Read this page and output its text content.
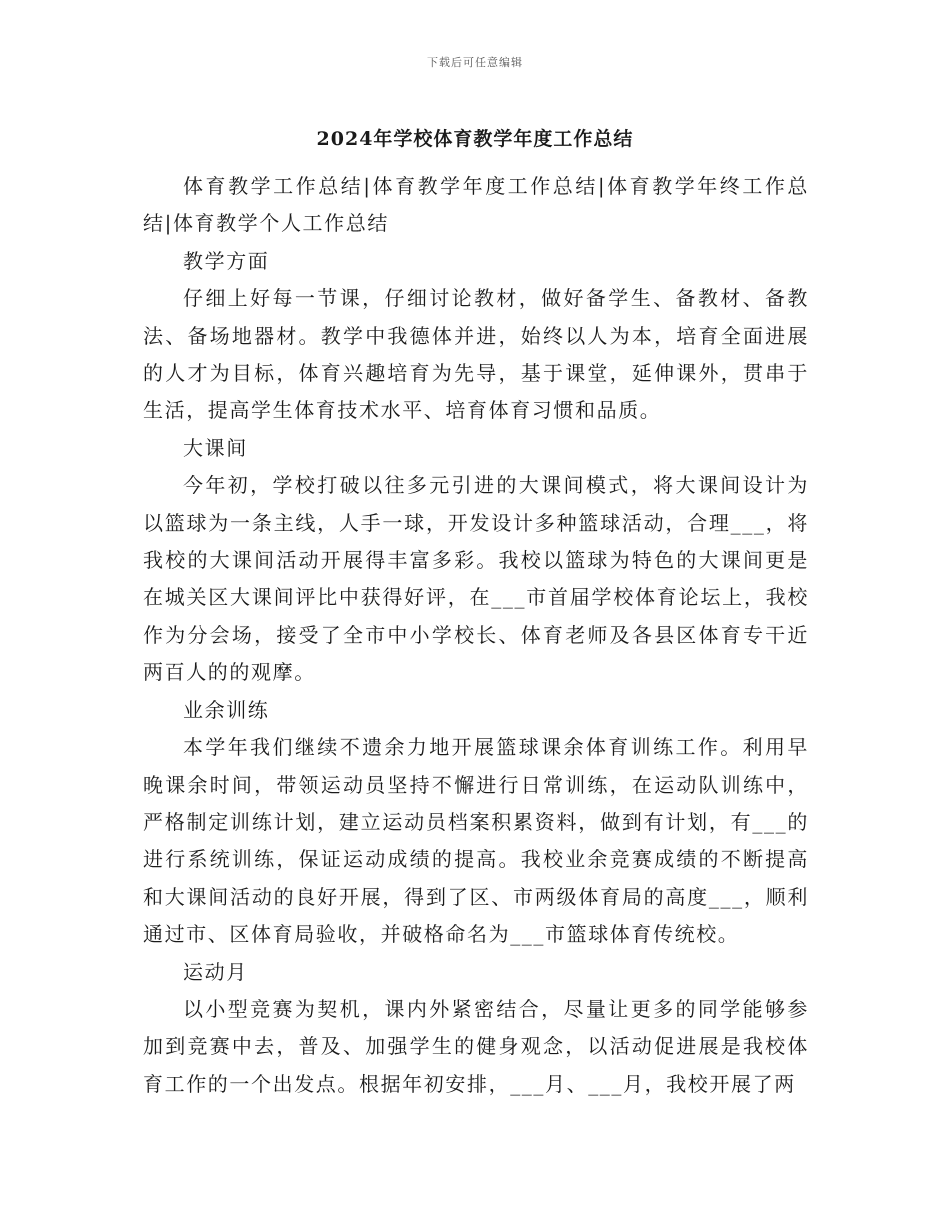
下载后可任意编辑
2024年学校体育教学年度工作总结

体育教学工作总结|体育教学年度工作总结|体育教学年终工作总结|体育教学个人工作总结

教学方面

仔细上好每一节课，仔细讨论教材，做好备学生、备教材、备教法、备场地器材。教学中我德体并进，始终以人为本，培育全面进展的人才为目标，体育兴趣培育为先导，基于课堂，延伸课外，贯串于生活，提高学生体育技术水平、培育体育习惯和品质。

大课间

今年初，学校打破以往多元引进的大课间模式，将大课间设计为以篮球为一条主线，人手一球，开发设计多种篮球活动，合理___，将我校的大课间活动开展得丰富多彩。我校以篮球为特色的大课间更是在城关区大课间评比中获得好评，在___市首届学校体育论坛上，我校作为分会场，接受了全市中小学校长、体育老师及各县区体育专干近两百人的的观摩。

业余训练

本学年我们继续不遗余力地开展篮球课余体育训练工作。利用早晚课余时间，带领运动员坚持不懈进行日常训练，在运动队训练中，严格制定训练计划，建立运动员档案积累资料，做到有计划，有___的进行系统训练，保证运动成绩的提高。我校业余竞赛成绩的不断提高和大课间活动的良好开展，得到了区、市两级体育局的高度___，顺利通过市、区体育局验收，并破格命名为___市篮球体育传统校。

运动月

以小型竞赛为契机，课内外紧密结合，尽量让更多的同学能够参加到竞赛中去，普及、加强学生的健身观念，以活动促进展是我校体育工作的一个出发点。根据年初安排，___月、___月，我校开展了两
